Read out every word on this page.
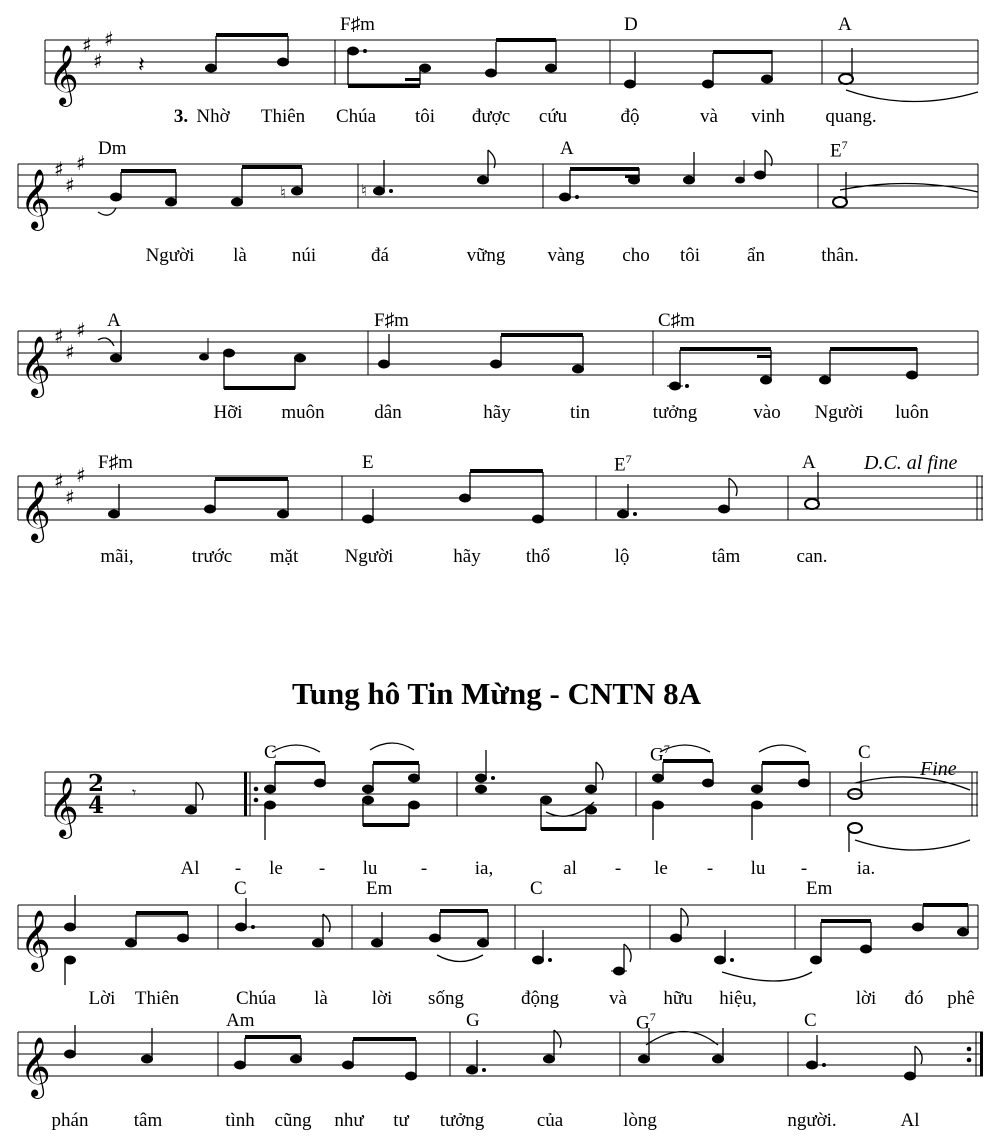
𝄞 ♯
♯
♯
𝄽
𝄞 ♯
♯
♯
♮	♮
𝄞 ♯
♯
♯
𝄞 ♯
♯
♯
𝄞 2
4 𝄾
𝄞
𝄞
F♯m	D	A
3. Nhờ Thiên Chúa tôi được cứu	độ	và vinh quang.
Dm	A	$E^7$
Người là núi	đá	vững vàng cho tôi ẩn	thân.
A	F♯m	C♯m
Hỡi muôn	dân	hãy	tin	tưởng	vào Người luôn
F♯m	E	$E^7$	A D.C. al fine
mãi,	trước mặt Người	hãy thổ	lộ	tâm	can.
Tung hô Tin Mừng - CNTN 8A
C	$G^7$	C
Fine
Al - le - lu -	ia,	al - le - lu -	ia.
C	Em	C	Em
Lời Thiên	Chúa là lời sống	động	và hữu hiệu,	lời đó phê
Am	G	$G^7$	C
phán tâm	tình cũng như tư tưởng	của	lòng	người.	Al
